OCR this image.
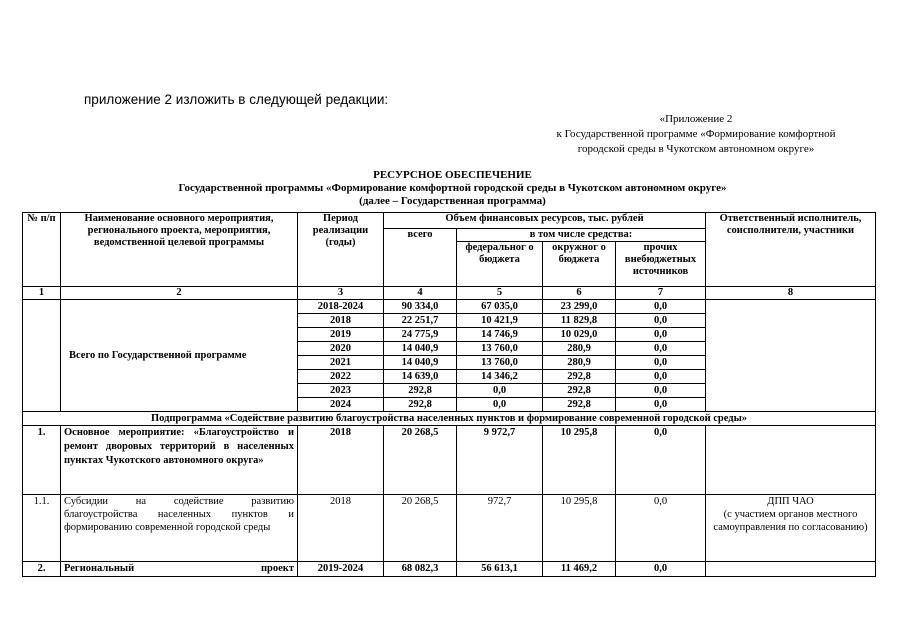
приложение 2 изложить в следующей редакции:
«Приложение 2
к Государственной программе «Формирование комфортной
городской среды в Чукотском автономном округе»
РЕСУРСНОЕ ОБЕСПЕЧЕНИЕ
Государственной программы «Формирование комфортной городской среды в Чукотском автономном округе»
(далее – Государственная программа)
№ п/п	Наименование основного мероприятия, регионального проекта, мероприятия, ведомственной целевой программы	Период реализации (годы)	Объем финансовых ресурсов, тыс. рублей				Ответственный исполнитель, соисполнители, участники
			всего	в том числе средства:			
				федеральног о бюджета	окружног о бюджета	прочих внебюджетных источников	
1	2	3	4	5	6	7	8
	Всего по Государственной программе	2018-2024	90 334,0	67 035,0	23 299,0	0,0	
		2018	22 251,7	10 421,9	11 829,8	0,0	
		2019	24 775,9	14 746,9	10 029,0	0,0	
		2020	14 040,9	13 760,0	280,9	0,0	
		2021	14 040,9	13 760,0	280,9	0,0	
		2022	14 639,0	14 346,2	292,8	0,0	
		2023	292,8	0,0	292,8	0,0	
		2024	292,8	0,0	292,8	0,0	
Подпрограмма «Содействие развитию благоустройства населенных пунктов и формирование современной городской среды»							
1.	Основное мероприятие: «Благоустройство и ремонт дворовых территорий в населенных пунктах Чукотского автономного округа»	2018	20 268,5	9 972,7	10 295,8	0,0	
1.1.	Субсидии на содействие развитию благоустройства населенных пунктов и формированию современной городской среды	2018	20 268,5	972,7	10 295,8	0,0	ДПП ЧАО
(с участием органов местного самоуправления по согласованию)

2.	Региональный проект	2019-2024	68 082,3	56 613,1	11 469,2	0,0	
